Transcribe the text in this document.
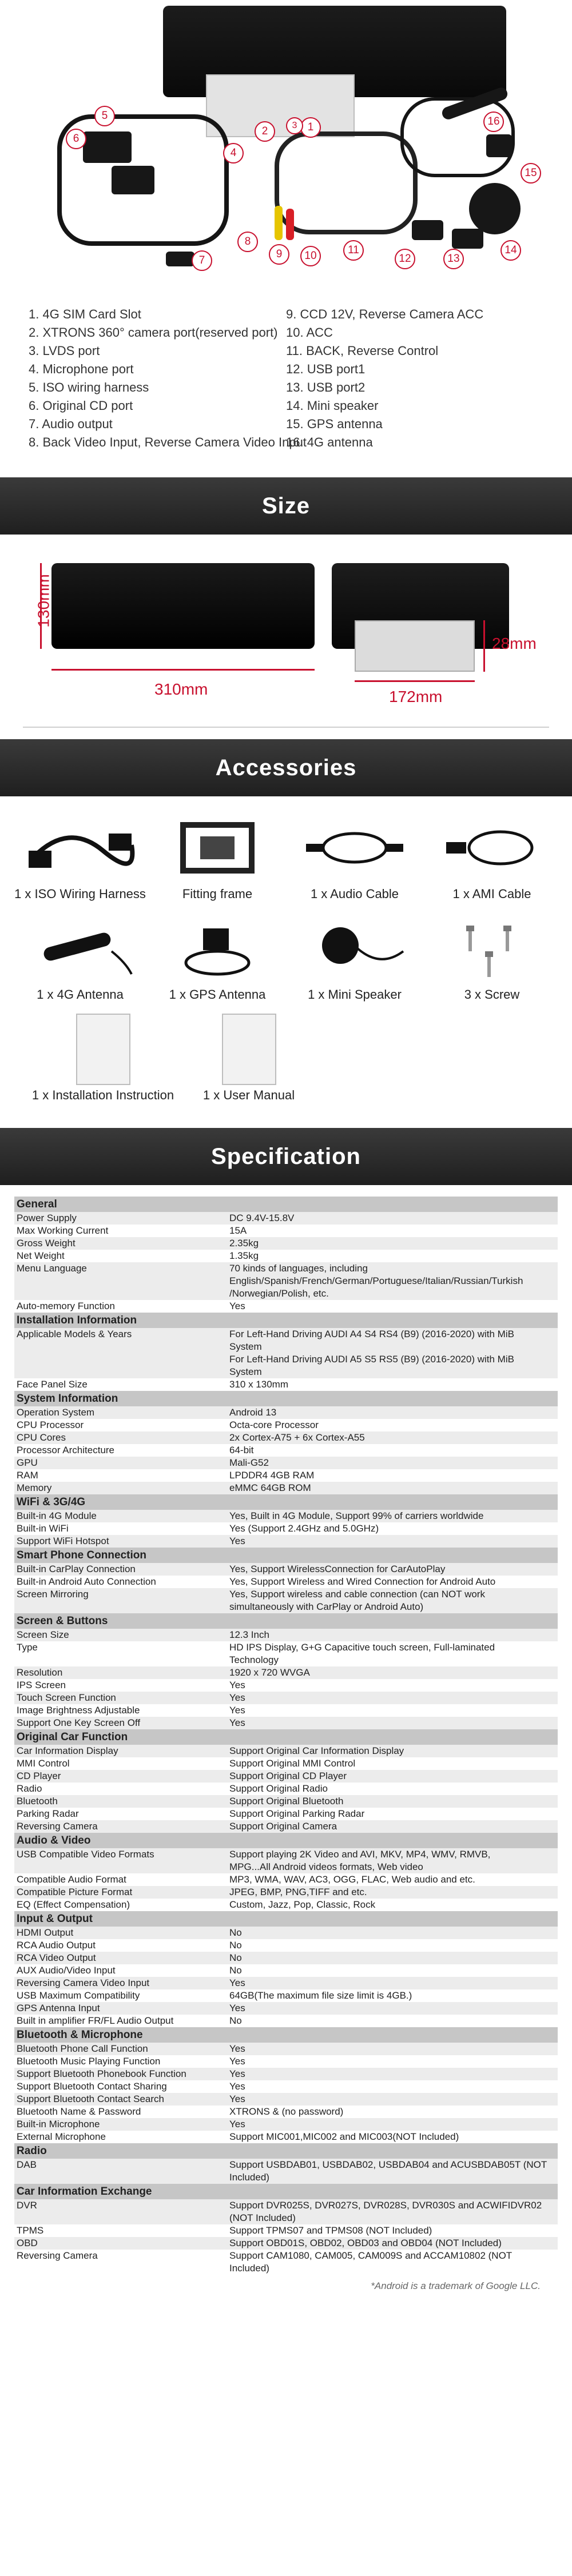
1
2	3
4
5
6
7
8
9	10	11
12	13
14
15
16
1. 4G SIM Card Slot
2. XTRONS 360° camera port(reserved port)
3. LVDS port
4. Microphone port
5. ISO wiring harness
6. Original CD port
7. Audio output
8. Back Video Input, Reverse Camera Video Input
9. CCD 12V, Reverse Camera ACC
10. ACC
11. BACK, Reverse Control
12. USB port1
13. USB port2
14. Mini speaker
15. GPS antenna
16. 4G antenna
Size
130mm
310mm	172mm
28mm
Accessories
1 x ISO Wiring Harness	Fitting frame	1 x Audio Cable	1 x AMI Cable
1 x 4G Antenna	1 x GPS Antenna	1 x Mini Speaker	3 x Screw
1 x Installation Instruction	1 x User Manual
Specification
General	
Power Supply	DC 9.4V-15.8V
Max Working Current	15A
Gross Weight	2.35kg
Net Weight	1.35kg
Menu Language	70 kinds of languages, including
	English/Spanish/French/German/Portuguese/Italian/Russian/Turkish
	/Norwegian/Polish, etc.
Auto-memory Function	Yes
Installation Information	
Applicable Models & Years	For Left-Hand Driving AUDI A4 S4 RS4 (B9) (2016-2020) with MiB
	System
	For Left-Hand Driving AUDI A5 S5 RS5 (B9) (2016-2020) with MiB
	System
Face Panel Size	310 x 130mm
System Information	
Operation System	Android 13
CPU Processor	Octa-core Processor
CPU Cores	2x Cortex-A75 + 6x Cortex-A55
Processor Architecture	64-bit
GPU	Mali-G52
RAM	LPDDR4 4GB RAM
Memory	eMMC 64GB ROM
WiFi & 3G/4G	
Built-in 4G Module	Yes, Built in 4G Module, Support 99% of carriers worldwide
Built-in WiFi	Yes (Support 2.4GHz and 5.0GHz)
Support WiFi Hotspot	Yes
Smart Phone Connection	
Built-in CarPlay Connection	Yes, Support WirelessConnection for CarAutoPlay
Built-in Android Auto Connection	Yes, Support Wireless and Wired Connection for Android Auto
Screen Mirroring	Yes, Support wireless and cable connection (can NOT work
	simultaneously with CarPlay or Android Auto)
Screen & Buttons	
Screen Size	12.3 Inch
Type	HD IPS Display, G+G Capacitive touch screen, Full-laminated
	Technology
Resolution	1920 x 720 WVGA
IPS Screen	Yes
Touch Screen Function	Yes
Image Brightness Adjustable	Yes
Support One Key Screen Off	Yes
Original Car Function	
Car Information Display	Support Original Car Information Display
MMI Control	Support Original MMI Control
CD Player	Support Original CD Player
Radio	Support Original Radio
Bluetooth	Support Original Bluetooth
Parking Radar	Support Original Parking Radar
Reversing Camera	Support Original Camera
Audio & Video	
USB Compatible Video Formats	Support playing 2K Video and AVI, MKV, MP4, WMV, RMVB,
	MPG...All Android videos formats, Web video
Compatible Audio Format	MP3, WMA, WAV, AC3, OGG, FLAC, Web audio and etc.
Compatible Picture Format	JPEG, BMP, PNG,TIFF and etc.
EQ (Effect Compensation)	Custom, Jazz, Pop, Classic, Rock
Input & Output	
HDMI Output	No
RCA Audio Output	No
RCA Video Output	No
AUX Audio/Video Input	No
Reversing Camera Video Input	Yes
USB Maximum Compatibility	64GB(The maximum file size limit is 4GB.)
GPS Antenna Input	Yes
Built in amplifier FR/FL Audio Output	No
Bluetooth & Microphone	
Bluetooth Phone Call Function	Yes
Bluetooth Music Playing Function	Yes
Support Bluetooth Phonebook Function	Yes
Support Bluetooth Contact Sharing	Yes
Support Bluetooth Contact Search	Yes
Bluetooth Name & Password	XTRONS & (no password)
Built-in Microphone	Yes
External Microphone	Support MIC001,MIC002 and MIC003(NOT Included)
Radio	
DAB	Support USBDAB01, USBDAB02, USBDAB04 and ACUSBDAB05T (NOT
	Included)
Car Information Exchange	
DVR	Support DVR025S, DVR027S, DVR028S, DVR030S and ACWIFIDVR02
	(NOT Included)
TPMS	Support TPMS07 and TPMS08 (NOT Included)
OBD	Support OBD01S, OBD02, OBD03 and OBD04 (NOT Included)
Reversing Camera	Support CAM1080, CAM005, CAM009S and ACCAM10802 (NOT
	Included)
*Android is a trademark of Google LLC.
